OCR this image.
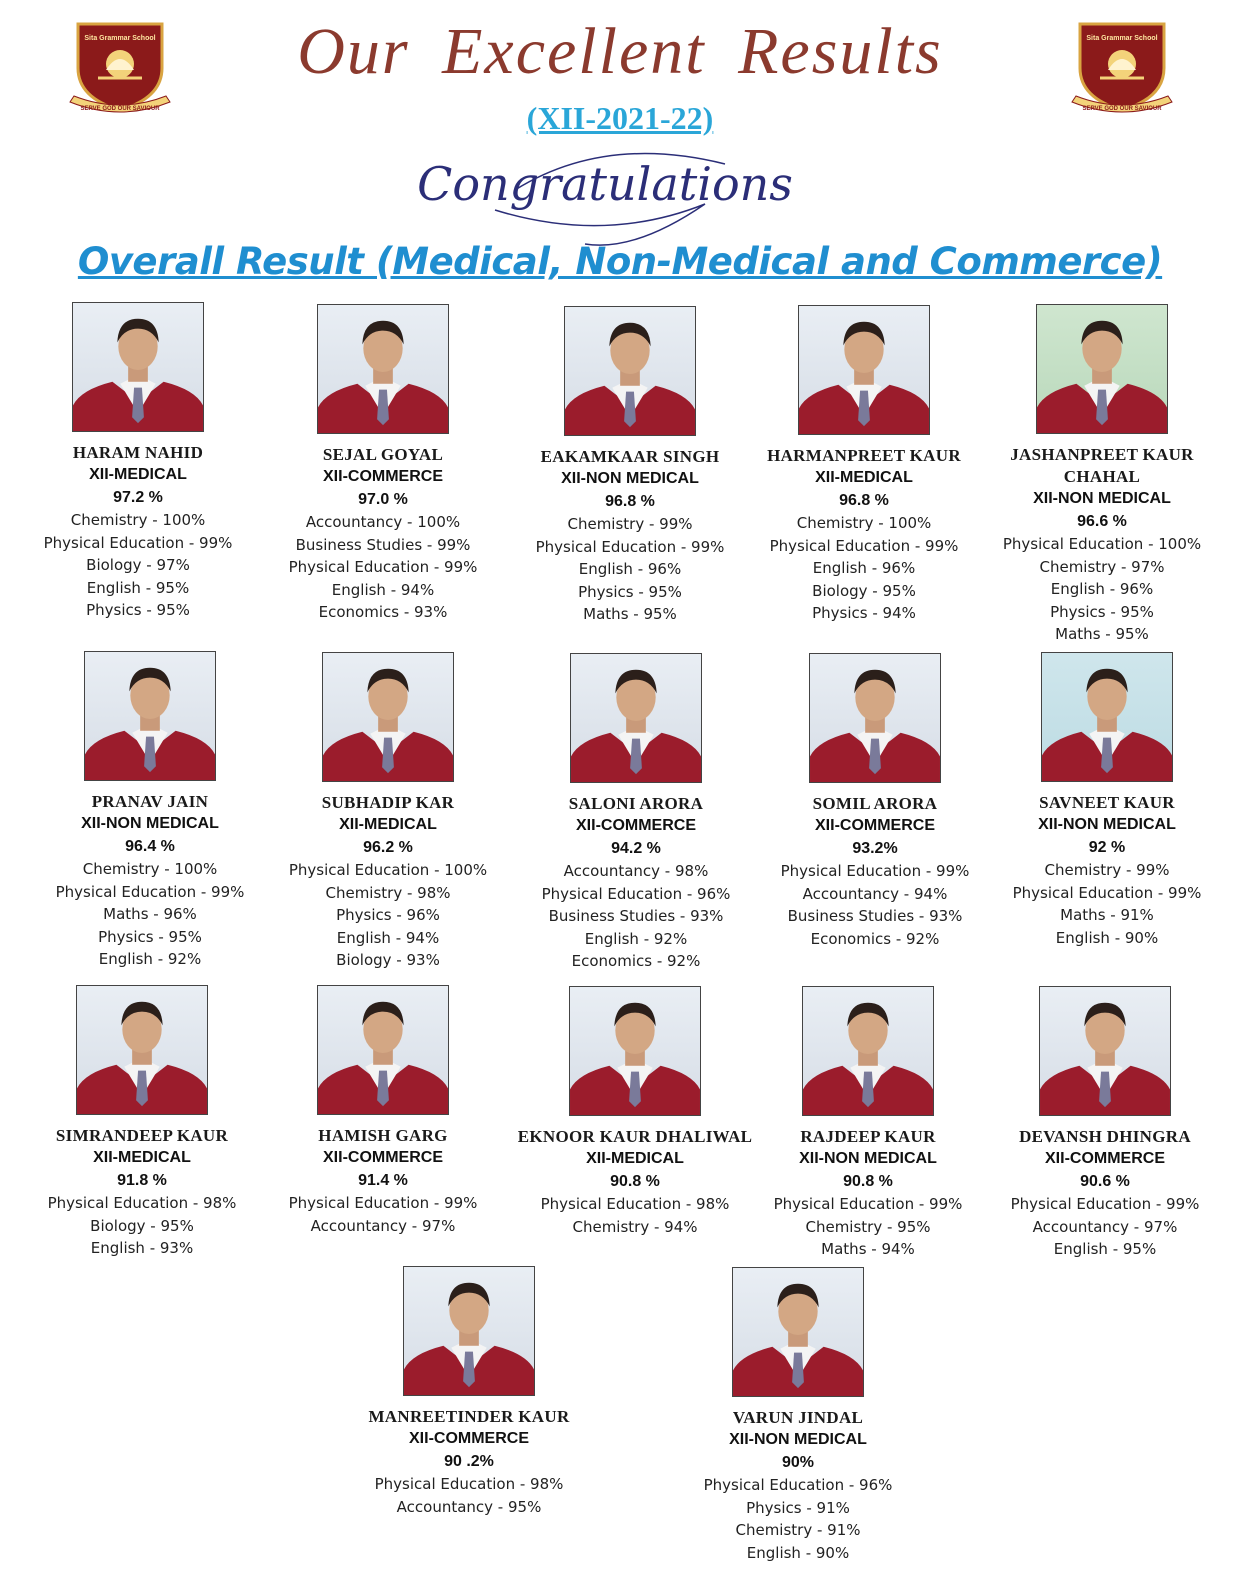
Sita Grammar School
SERVE GOD OUR SAVIOUR
Sita Grammar School
SERVE GOD OUR SAVIOUR
Our Excellent Results
(XII-2021-22)
Congratulations
Overall Result (Medical, Non-Medical and Commerce)
HARAM NAHID
XII-MEDICAL
97.2 %
Chemistry - 100%
Physical Education - 99%
Biology - 97%
English - 95%
Physics - 95%
SEJAL GOYAL
XII-COMMERCE
97.0 %
Accountancy - 100%
Business Studies - 99%
Physical Education - 99%
English - 94%
Economics - 93%
EAKAMKAAR SINGH
XII-NON MEDICAL
96.8 %
Chemistry - 99%
Physical Education - 99%
English - 96%
Physics - 95%
Maths - 95%
HARMANPREET KAUR
XII-MEDICAL
96.8 %
Chemistry - 100%
Physical Education - 99%
English - 96%
Biology - 95%
Physics - 94%
JASHANPREET KAUR CHAHAL
XII-NON MEDICAL
96.6 %
Physical Education - 100%
Chemistry - 97%
English - 96%
Physics - 95%
Maths - 95%
PRANAV JAIN
XII-NON MEDICAL
96.4 %
Chemistry - 100%
Physical Education - 99%
Maths - 96%
Physics - 95%
English - 92%
SUBHADIP KAR
XII-MEDICAL
96.2 %
Physical Education - 100%
Chemistry - 98%
Physics - 96%
English - 94%
Biology - 93%
SALONI ARORA
XII-COMMERCE
94.2 %
Accountancy - 98%
Physical Education - 96%
Business Studies - 93%
English - 92%
Economics - 92%
SOMIL ARORA
XII-COMMERCE
93.2%
Physical Education - 99%
Accountancy - 94%
Business Studies - 93%
Economics - 92%
SAVNEET KAUR
XII-NON MEDICAL
92 %
Chemistry - 99%
Physical Education - 99%
Maths - 91%
English - 90%
SIMRANDEEP KAUR
XII-MEDICAL
91.8 %
Physical Education - 98%
Biology - 95%
English - 93%
HAMISH GARG
XII-COMMERCE
91.4 %
Physical Education - 99%
Accountancy - 97%
EKNOOR KAUR DHALIWAL
XII-MEDICAL
90.8 %
Physical Education - 98%
Chemistry - 94%
RAJDEEP KAUR
XII-NON MEDICAL
90.8 %
Physical Education - 99%
Chemistry - 95%
Maths - 94%
DEVANSH DHINGRA
XII-COMMERCE
90.6 %
Physical Education - 99%
Accountancy - 97%
English - 95%
MANREETINDER KAUR
XII-COMMERCE
90 .2%
Physical Education - 98%
Accountancy - 95%
VARUN JINDAL
XII-NON MEDICAL
90%
Physical Education - 96%
Physics - 91%
Chemistry - 91%
English - 90%
